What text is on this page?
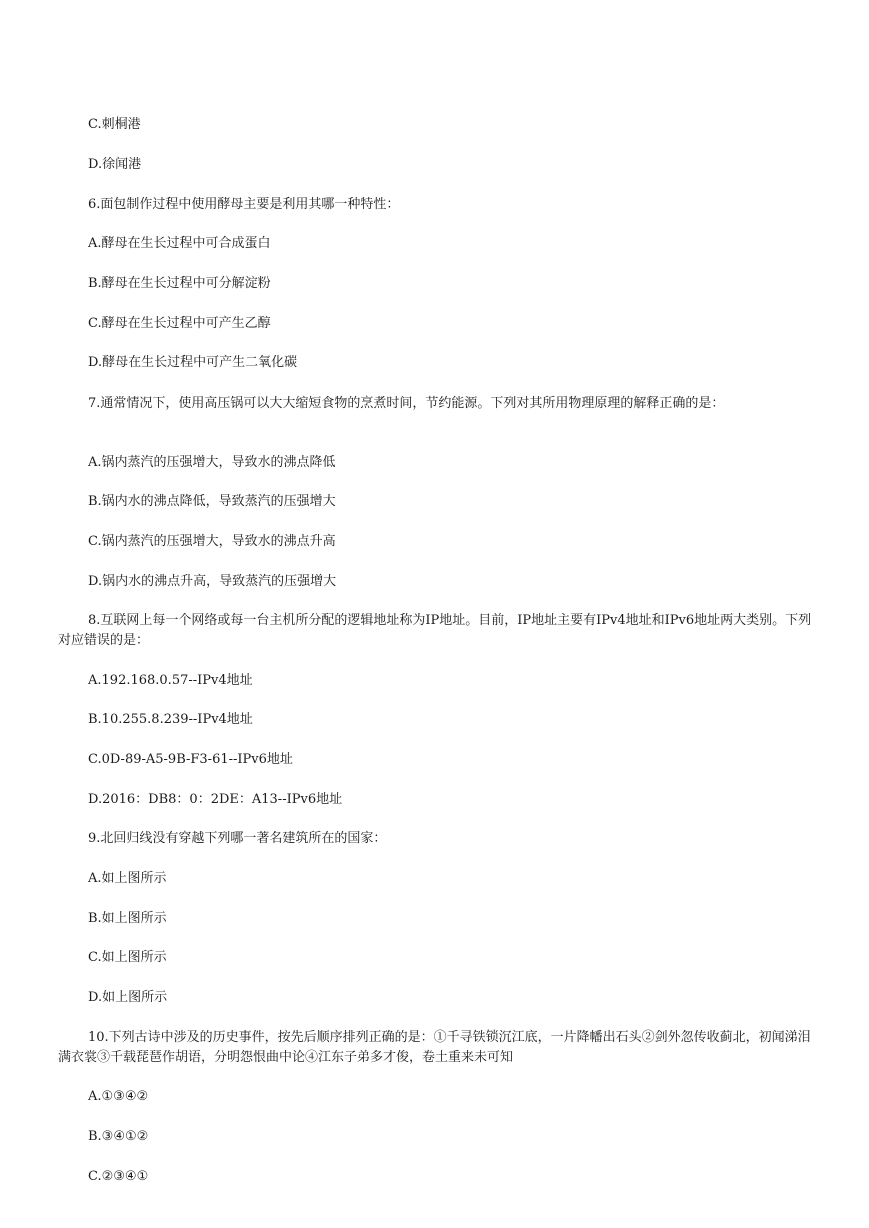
C.刺桐港
D.徐闻港
6.面包制作过程中使用酵母主要是利用其哪一种特性：
A.酵母在生长过程中可合成蛋白
B.酵母在生长过程中可分解淀粉
C.酵母在生长过程中可产生乙醇
D.酵母在生长过程中可产生二氧化碳
7.通常情况下，使用高压锅可以大大缩短食物的烹煮时间，节约能源。下列对其所用物理原理的解释正确的是：
A.锅内蒸汽的压强增大，导致水的沸点降低
B.锅内水的沸点降低，导致蒸汽的压强增大
C.锅内蒸汽的压强增大，导致水的沸点升高
D.锅内水的沸点升高，导致蒸汽的压强增大
8.互联网上每一个网络或每一台主机所分配的逻辑地址称为IP地址。目前，IP地址主要有IPv4地址和IPv6地址两大类别。下列对应错误的是：
A.192.168.0.57--IPv4地址
B.10.255.8.239--IPv4地址
C.0D-89-A5-9B-F3-61--IPv6地址
D.2016：DB8：0：2DE：A13--IPv6地址
9.北回归线没有穿越下列哪一著名建筑所在的国家：
A.如上图所示
B.如上图所示
C.如上图所示
D.如上图所示
10.下列古诗中涉及的历史事件，按先后顺序排列正确的是：①千寻铁锁沉江底，一片降幡出石头②剑外忽传收蓟北，初闻涕泪满衣裳③千载琵琶作胡语，分明怨恨曲中论④江东子弟多才俊，卷土重来未可知
A.①③④②
B.③④①②
C.②③④①
